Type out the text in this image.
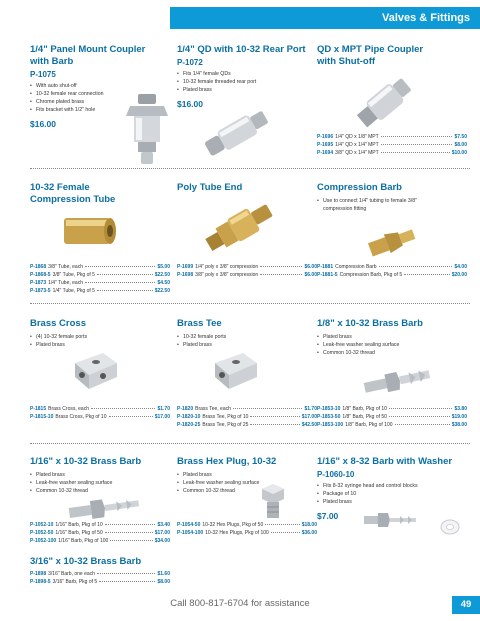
Valves & Fittings
1/4" Panel Mount Coupler
with Barb
P-1075
• With auto shut-off
• 10-32 female rear connection
• Chrome plated brass
• Fits bracket with 1/2" hole
$16.00
1/4" QD with 10-32 Rear Port
P-1072
• Fits 1/4" female QDs
• 10-32 female threaded rear port
• Plated brass
$16.00
QD x MPT Pipe Coupler
with Shut-off
P-1696 1/4" QD x 1/8" MPT	$7.50
P-1695 1/4" QD x 1/4" MPT	$8.00
P-1694 3/8" QD x 1/4" MPT	$10.00
10-32 Female
Compression Tube
P-1868 3/8" Tube, each	$5.00
P-1868-5 3/8" Tube, Pkg of 5	$22.50
P-1873 1/4" Tube, each	$4.50
P-1873-5 1/4" Tube, Pkg of 5	$22.50
Poly Tube End
P-1699 1/4" poly x 3/8" compression	$6.00
P-1698 3/8" poly x 3/8" compression	$6.00
Compression Barb
• Use to connect 1/4" tubing to female 3/8" compression fitting
P-1881 Compression Barb	$4.00
P-1881-5 Compression Barb, Pkg of 5	$20.00
Brass Cross
• (4) 10-32 female ports
• Plated brass
P-1815 Brass Cross, each	$1.70
P-1815-10 Brass Cross, Pkg of 10	$17.00
Brass Tee
• 10-32 female ports
• Plated brass
P-1820 Brass Tee, each	$1.70
P-1820-10 Brass Tee, Pkg of 10	$17.00
P-1820-25 Brass Tee, Pkg of 25	$42.50
1/8" x 10-32 Brass Barb
• Plated brass
• Leak-free washer sealing surface
• Common 10-32 thread
P-1853-10 1/8" Barb, Pkg of 10	$3.80
P-1853-50 1/8" Barb, Pkg of 50	$19.00
P-1853-100 1/8" Barb, Pkg of 100	$38.00
1/16" x 10-32 Brass Barb
• Plated brass
• Leak-free washer sealing surface
• Common 10-32 thread
P-1052-10 1/16" Barb, Pkg of 10	$3.40
P-1052-50 1/16" Barb, Pkg of 50	$17.00
P-1052-100 1/16" Barb, Pkg of 100	$34.00
Brass Hex Plug, 10-32
• Plated brass
• Leak-free washer sealing surface
• Common 10-32 thread
P-1054-50 10-32 Hex Plugs, Pkg of 50	$18.00
P-1054-100 10-32 Hex Plugs, Pkg of 100	$36.00
1/16" x 8-32 Barb with Washer
P-1060-10
• Fits 8-32 syringe head and control blocks
• Package of 10
• Plated brass
$7.00
3/16" x 10-32 Brass Barb
P-1898 3/16" Barb, one each	$1.60
P-1898-5 3/16" Barb, Pkg of 5	$8.00
Call 800-817-6704 for assistance	49
